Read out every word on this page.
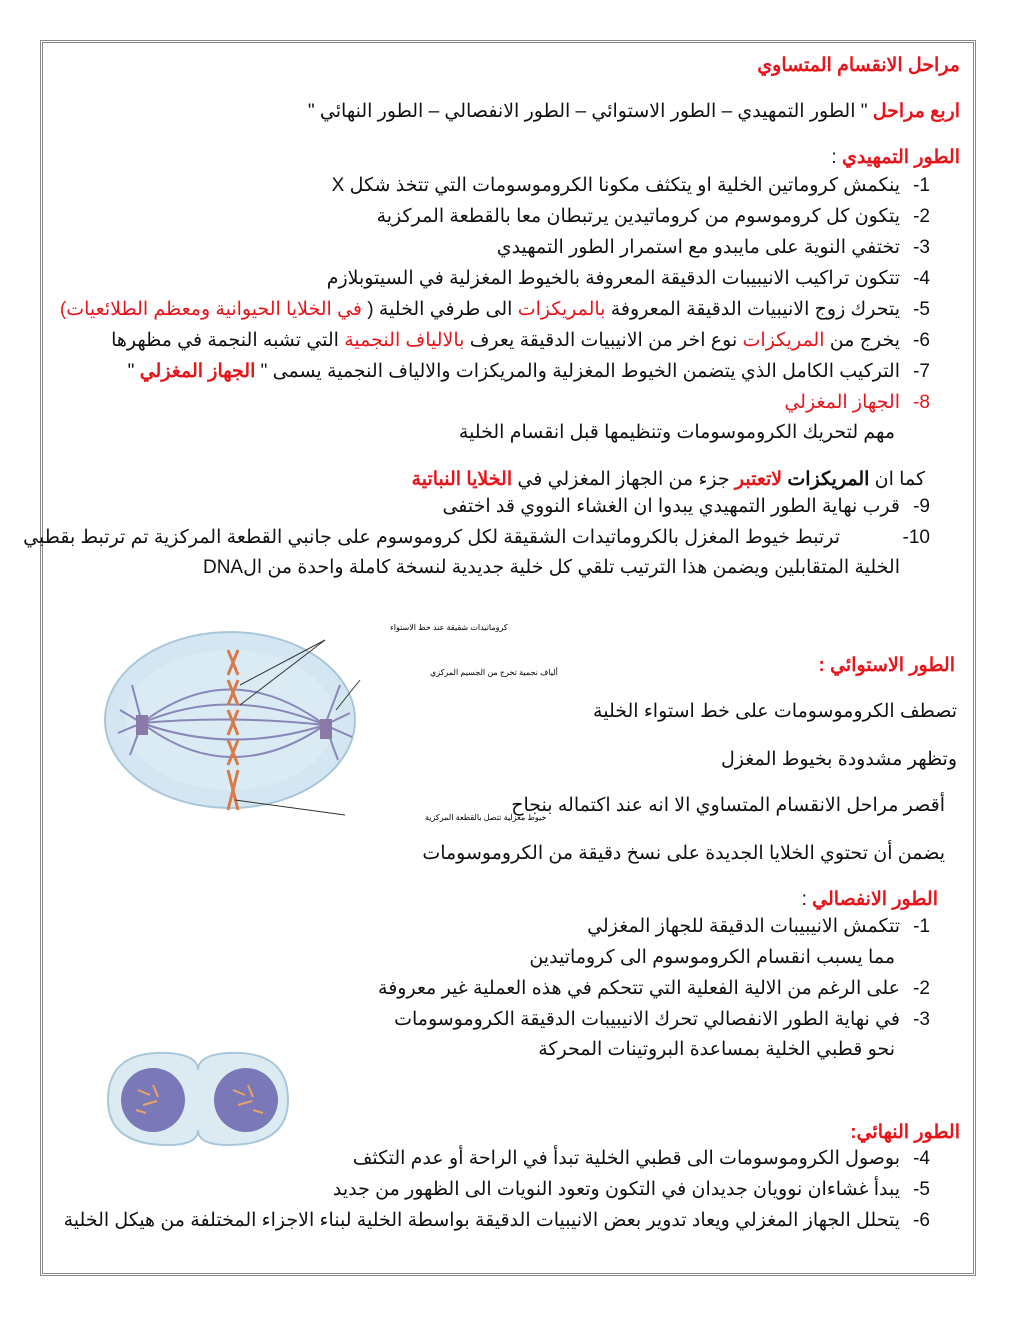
مراحل الانقسام المتساوي
اربع مراحل " الطور التمهيدي – الطور الاستوائي – الطور الانفصالي – الطور النهائي "
الطور التمهيدي :
ينكمش كروماتين الخلية او يتكثف مكونا الكروموسومات التي تتخذ شكل X 1-
يتكون كل كروموسوم من كروماتيدين يرتبطان معا بالقطعة المركزية 2-
تختفي النوية على مايبدو مع استمرار الطور التمهيدي 3-
تتكون تراكيب الانيبيبات الدقيقة المعروفة بالخيوط المغزلية في السيتوبلازم 4-
يتحرك زوج الانيبيات الدقيقة المعروفة بالمريكزات الى طرفي الخلية ( في الخلايا الحيوانية ومعظم الطلائعيات)	5-
يخرج من المريكزات نوع اخر من الانيبيات الدقيقة يعرف بالالياف النجمية التي تشبه النجمة في مظهرها	6-
التركيب الكامل الذي يتضمن الخيوط المغزلية والمريكزات والالياف النجمية يسمى " الجهاز المغزلي "	7-
الجهاز المغزلي 8-
مهم لتحريك الكروموسومات وتنظيمها قبل انقسام الخلية
كما ان المريكزات لاتعتبر جزء من الجهاز المغزلي في الخلايا النباتية
قرب نهاية الطور التمهيدي يبدوا ان الغشاء النووي قد اختفى 9-
ترتبط خيوط المغزل بالكروماتيدات الشقيقة لكل كروموسوم على جانبي القطعة المركزية تم ترتبط بقطبي	10-
الخلية المتقابلين ويضمن هذا الترتيب تلقي كل خلية جديدية لنسخة كاملة واحدة من الDNA
الطور الاستوائي :
تصطف الكروموسومات على خط استواء الخلية
وتظهر مشدودة بخيوط المغزل
أقصر مراحل الانقسام المتساوي الا انه عند اكتماله بنجاح
يضمن أن تحتوي الخلايا الجديدة على نسخ دقيقة من الكروموسومات
الطور الانفصالي :
تتكمش الانيبيبات الدقيقة للجهاز المغزلي 1-
مما يسبب انقسام الكروموسوم الى كروماتيدين
على الرغم من الالية الفعلية التي تتحكم في هذه العملية غير معروفة 2-
في نهاية الطور الانفصالي تحرك الانيبيبات الدقيقة الكروموسومات 3-
نحو قطبي الخلية بمساعدة البروتينات المحركة
الطور النهائي:
بوصول الكروموسومات الى قطبي الخلية تبدأ في الراحة أو عدم التكثف 4-
يبدأ غشاءان نوويان جديدان في التكون وتعود النويات الى الظهور من جديد 5-
يتحلل الجهاز المغزلي ويعاد تدوير بعض الانيبيات الدقيقة بواسطة الخلية لبناء الاجزاء المختلفة من هيكل الخلية 6-
كروماتيدات شقيقة عند خط الاستواء
ألياف نجمية تخرج من الجسيم المركزي
خيوط مغزلية تتصل بالقطعة المركزية
